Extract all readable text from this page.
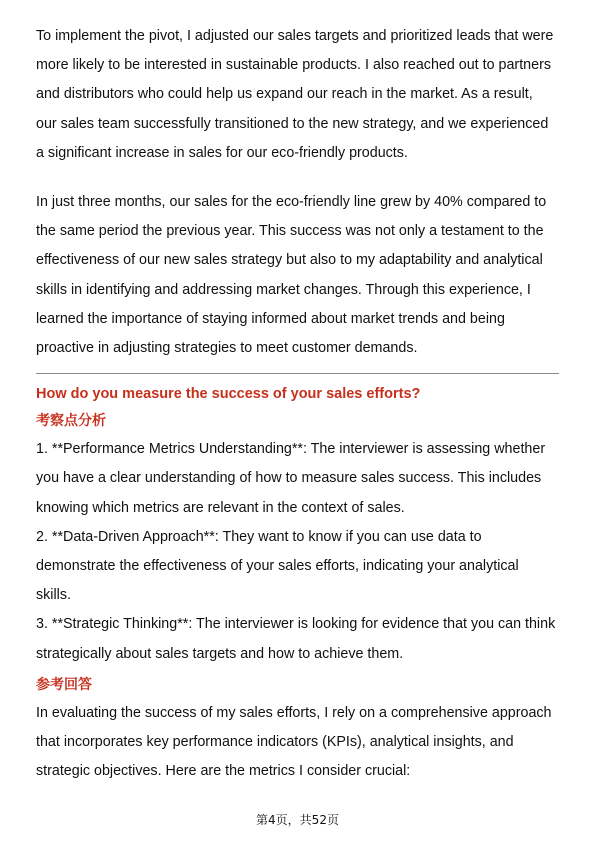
To implement the pivot, I adjusted our sales targets and prioritized leads that were
more likely to be interested in sustainable products. I also reached out to partners
and distributors who could help us expand our reach in the market. As a result,
our sales team successfully transitioned to the new strategy, and we experienced
a significant increase in sales for our eco-friendly products.

In just three months, our sales for the eco-friendly line grew by 40% compared to
the same period the previous year. This success was not only a testament to the
effectiveness of our new sales strategy but also to my adaptability and analytical
skills in identifying and addressing market changes. Through this experience, I
learned the importance of staying informed about market trends and being
proactive in adjusting strategies to meet customer demands.

How do you measure the success of your sales efforts?
考察点分析
1. **Performance Metrics Understanding**: The interviewer is assessing whether
you have a clear understanding of how to measure sales success. This includes
knowing which metrics are relevant in the context of sales.
2. **Data-Driven Approach**: They want to know if you can use data to
demonstrate the effectiveness of your sales efforts, indicating your analytical
skills.
3. **Strategic Thinking**: The interviewer is looking for evidence that you can think
strategically about sales targets and how to achieve them.
参考回答

In evaluating the success of my sales efforts, I rely on a comprehensive approach
that incorporates key performance indicators (KPIs), analytical insights, and
strategic objectives. Here are the metrics I consider crucial:

第4页，共52页
